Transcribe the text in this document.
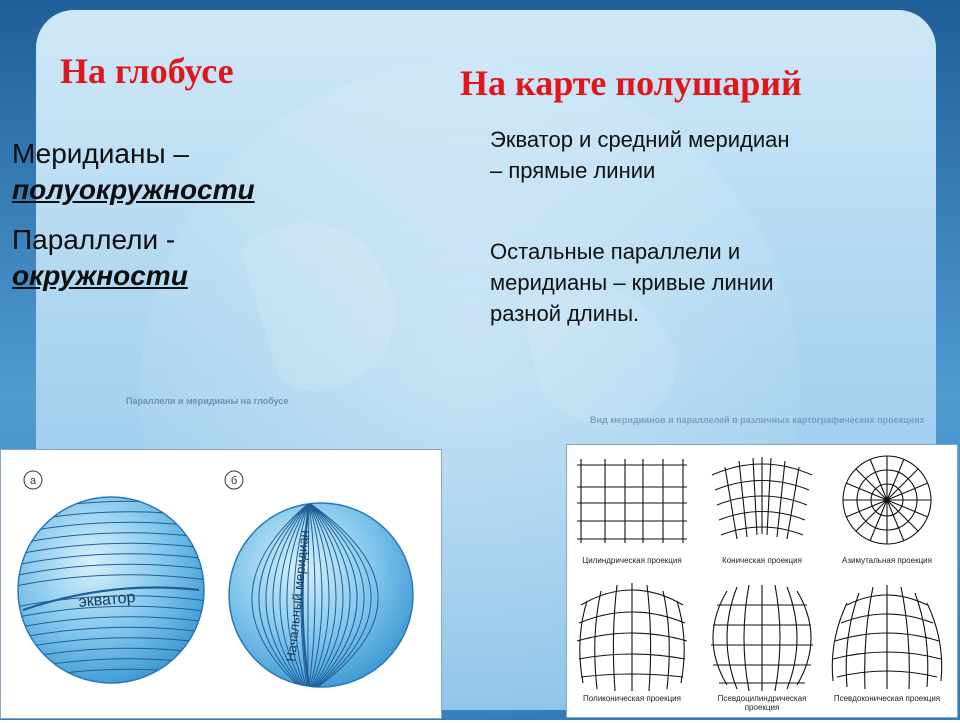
На глобусе
Меридианы –
полуокружности
Параллели -
окружности
На карте полушарий
Экватор и средний меридиан
– прямые линии
Остальные параллели и
меридианы – кривые линии
разной длины.
Параллели и меридианы на глобусе
Вид меридианов и параллелей в различных картографических проекциях
а
экватор
б
Начальный меридиан	Цилиндрическая проекция	Коническая проекция	Азимутальная проекция
Поликоническая проекция	Псевдоцилиндрическая проекция
Псевдоконическая проекция
